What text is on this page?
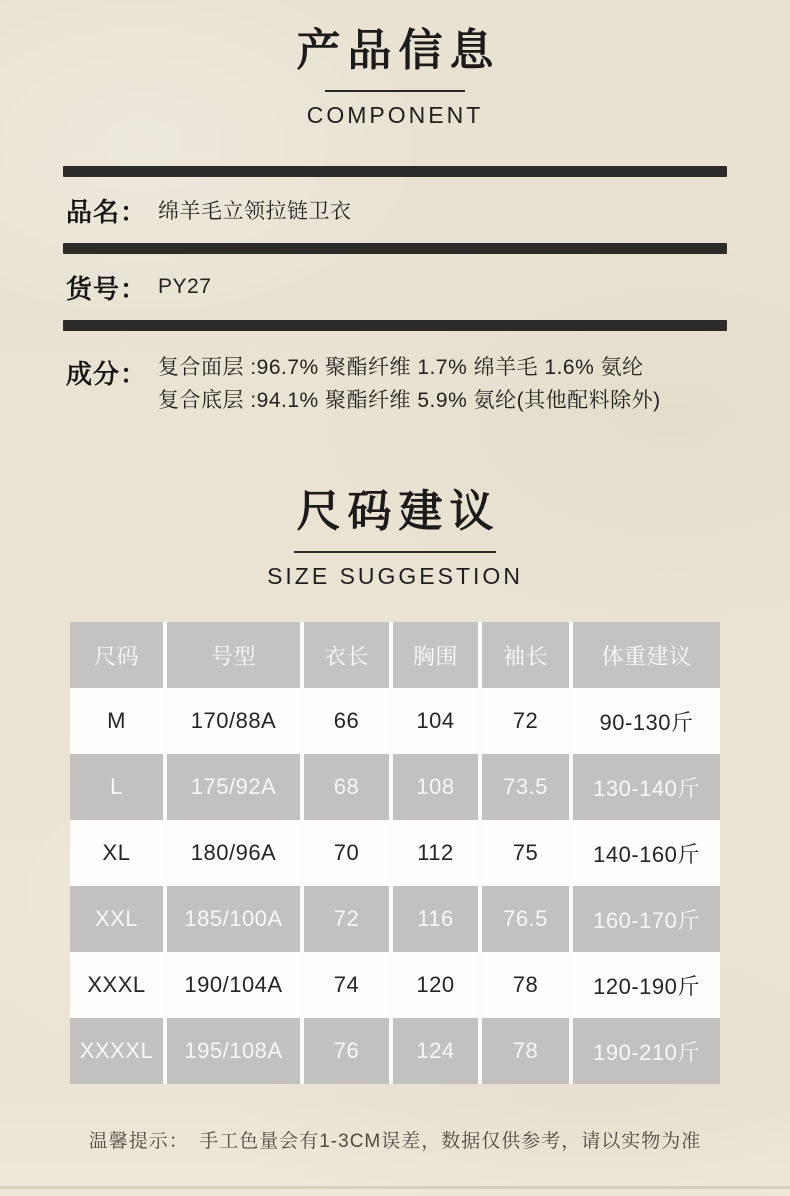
产品信息
COMPONENT
品名： 绵羊毛立领拉链卫衣
货号： PY27
成分： 复合面层 :96.7% 聚酯纤维 1.7% 绵羊毛 1.6% 氨纶
复合底层 :94.1% 聚酯纤维 5.9% 氨纶(其他配料除外)
尺码建议
SIZE SUGGESTION
尺码	号型	衣长	胸围	袖长	体重建议
M	170/88A	66	104	72	90-130斤
L	175/92A	68	108	73.5	130-140斤
XL	180/96A	70	112	75	140-160斤
XXL	185/100A	72	116	76.5	160-170斤
XXXL	190/104A	74	120	78	120-190斤
XXXXL	195/108A	76	124	78	190-210斤
温馨提示：　手工色量会有1-3CM误差，数据仅供参考，请以实物为准
